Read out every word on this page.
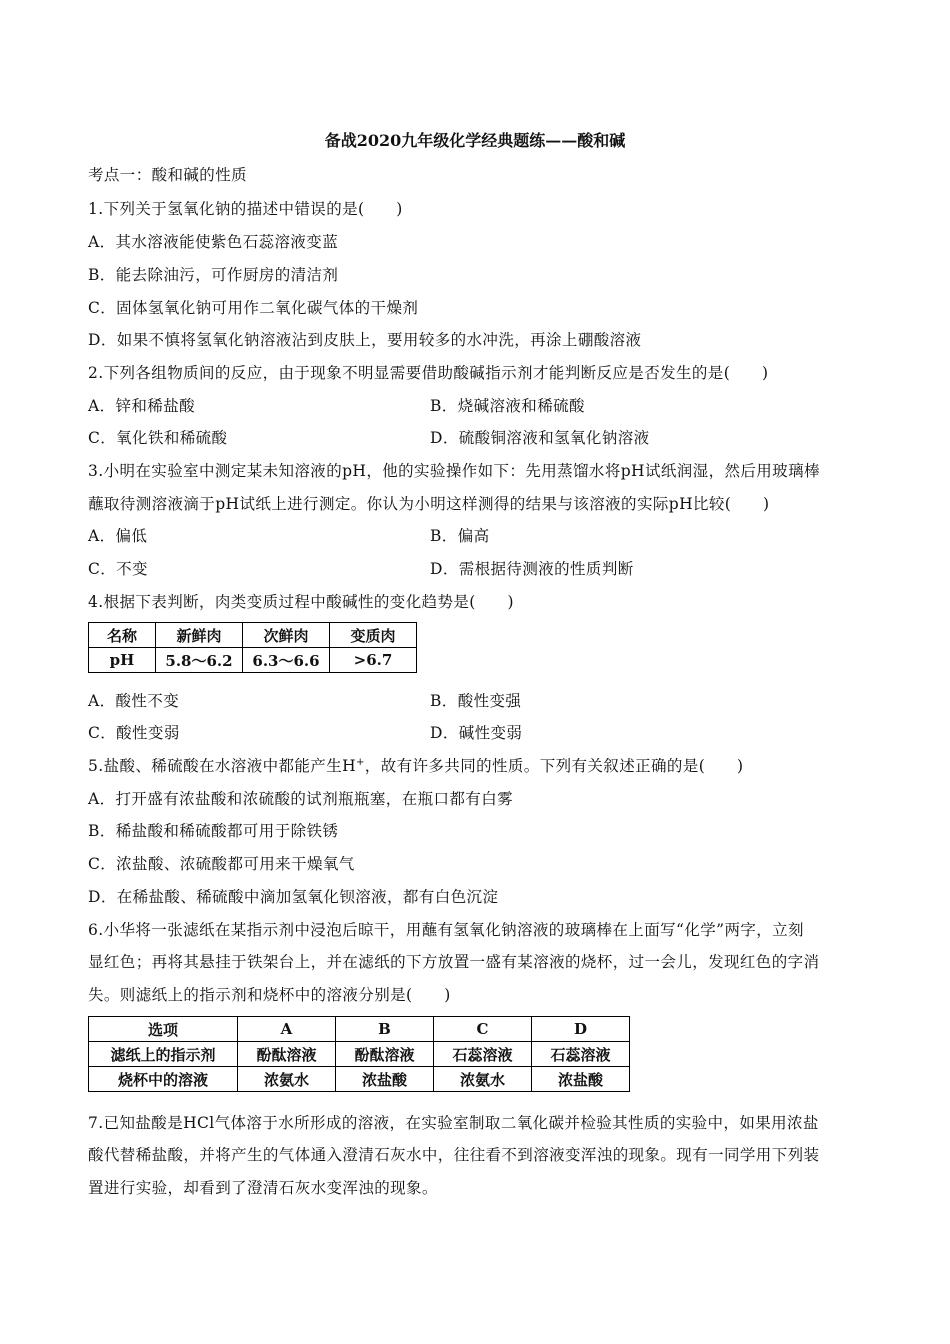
备战2020九年级化学经典题练——酸和碱
考点一：酸和碱的性质
1.下列关于氢氧化钠的描述中错误的是(　　)
A．其水溶液能使紫色石蕊溶液变蓝
B．能去除油污，可作厨房的清洁剂
C．固体氢氧化钠可用作二氧化碳气体的干燥剂
D．如果不慎将氢氧化钠溶液沾到皮肤上，要用较多的水冲洗，再涂上硼酸溶液
2.下列各组物质间的反应，由于现象不明显需要借助酸碱指示剂才能判断反应是否发生的是(　　)
A．锌和稀盐酸	B．烧碱溶液和稀硫酸
C．氧化铁和稀硫酸	D．硫酸铜溶液和氢氧化钠溶液
3.小明在实验室中测定某未知溶液的pH，他的实验操作如下：先用蒸馏水将pH试纸润湿，然后用玻璃棒
蘸取待测溶液滴于pH试纸上进行测定。你认为小明这样测得的结果与该溶液的实际pH比较(　　)
A．偏低	B．偏高
C．不变	D．需根据待测液的性质判断
4.根据下表判断，肉类变质过程中酸碱性的变化趋势是(　　)
名称	新鲜肉	次鲜肉	变质肉
pH	5.8～6.2	6.3～6.6	>6.7
A．酸性不变	B．酸性变强
C．酸性变弱	D．碱性变弱
5.盐酸、稀硫酸在水溶液中都能产生H+，故有许多共同的性质。下列有关叙述正确的是(　　)
A．打开盛有浓盐酸和浓硫酸的试剂瓶瓶塞，在瓶口都有白雾
B．稀盐酸和稀硫酸都可用于除铁锈
C．浓盐酸、浓硫酸都可用来干燥氧气
D．在稀盐酸、稀硫酸中滴加氢氧化钡溶液，都有白色沉淀
6.小华将一张滤纸在某指示剂中浸泡后晾干，用蘸有氢氧化钠溶液的玻璃棒在上面写“化学”两字，立刻
显红色；再将其悬挂于铁架台上，并在滤纸的下方放置一盛有某溶液的烧杯，过一会儿，发现红色的字消
失。则滤纸上的指示剂和烧杯中的溶液分别是(　　)
选项	A	B	C	D
滤纸上的指示剂	酚酞溶液	酚酞溶液	石蕊溶液	石蕊溶液
烧杯中的溶液	浓氨水	浓盐酸	浓氨水	浓盐酸
7.已知盐酸是HCl气体溶于水所形成的溶液，在实验室制取二氧化碳并检验其性质的实验中，如果用浓盐
酸代替稀盐酸，并将产生的气体通入澄清石灰水中，往往看不到溶液变浑浊的现象。现有一同学用下列装
置进行实验，却看到了澄清石灰水变浑浊的现象。
